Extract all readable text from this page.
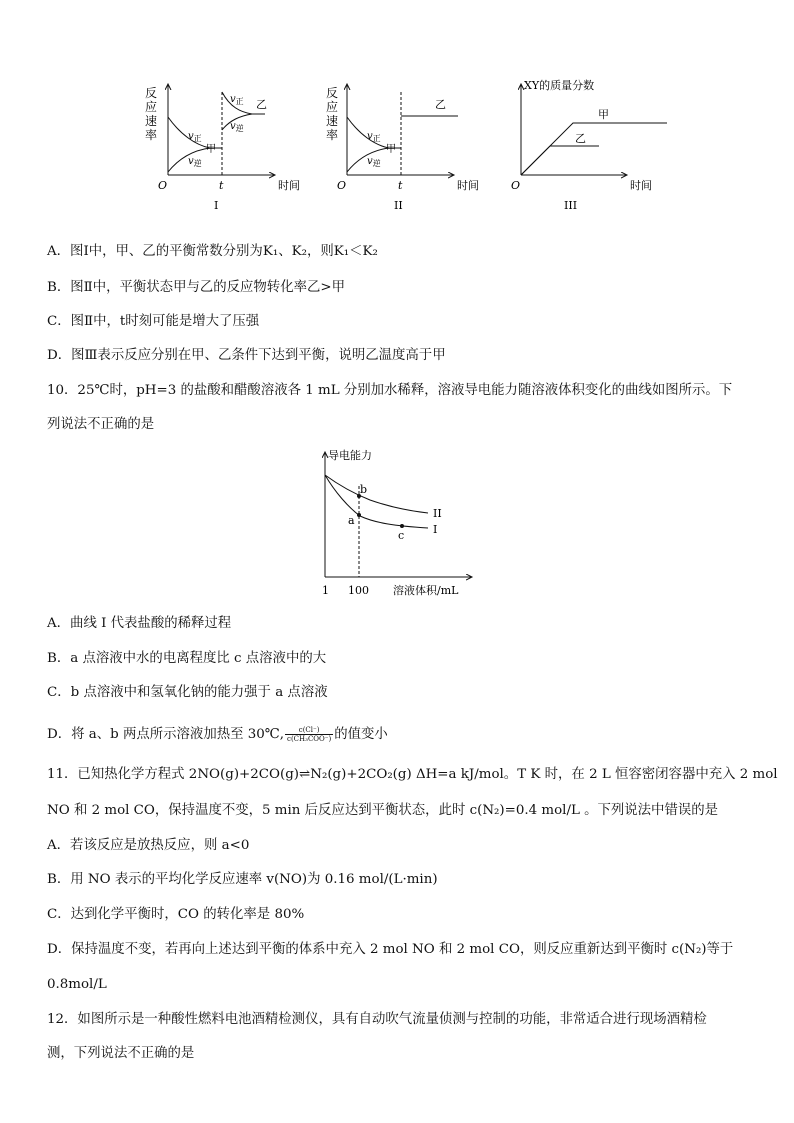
反
应
速
率
O	t	时间
$v_正$
$v_逆$
甲
$v_正$
$v_逆$
乙
I
反
应
速
率
O	t	时间
$v_正$
$v_逆$
甲
乙
II
XY的质量分数
O	时间
甲
乙
III
A．图Ⅰ中，甲、乙的平衡常数分别为K₁、K₂，则K₁＜K₂
B．图Ⅱ中，平衡状态甲与乙的反应物转化率乙>甲
C．图Ⅱ中，t时刻可能是增大了压强
D．图Ⅲ表示反应分别在甲、乙条件下达到平衡，说明乙温度高于甲
10．25℃时，pH=3 的盐酸和醋酸溶液各 1 mL 分别加水稀释，溶液导电能力随溶液体积变化的曲线如图所示。下
列说法不正确的是
导电能力
b
a
c
II
I
1 100 溶液体积/mL
A．曲线 I 代表盐酸的稀释过程
B．a 点溶液中水的电离程度比 c 点溶液中的大
C．b 点溶液中和氢氧化钠的能力强于 a 点溶液
D．将 a、b 两点所示溶液加热至 30℃, $\frac{c(Cl^-)}{\text{c(CH₃COO⁻)}}$ 的值变小
11．已知热化学方程式 2NO(g)+2CO(g)⇌N₂(g)+2CO₂(g) ΔH=a kJ/mol。T K 时，在 2 L 恒容密闭容器中充入 2 mol
NO 和 2 mol CO，保持温度不变，5 min 后反应达到平衡状态，此时 c(N₂)=0.4 mol/L 。下列说法中错误的是
A．若该反应是放热反应，则 a<0
B．用 NO 表示的平均化学反应速率 v(NO)为 0.16 mol/(L·min)
C．达到化学平衡时，CO 的转化率是 80%
D．保持温度不变，若再向上述达到平衡的体系中充入 2 mol NO 和 2 mol CO，则反应重新达到平衡时 c(N₂)等于
0.8mol/L
12．如图所示是一种酸性燃料电池酒精检测仪，具有自动吹气流量侦测与控制的功能，非常适合进行现场酒精检
测，下列说法不正确的是
